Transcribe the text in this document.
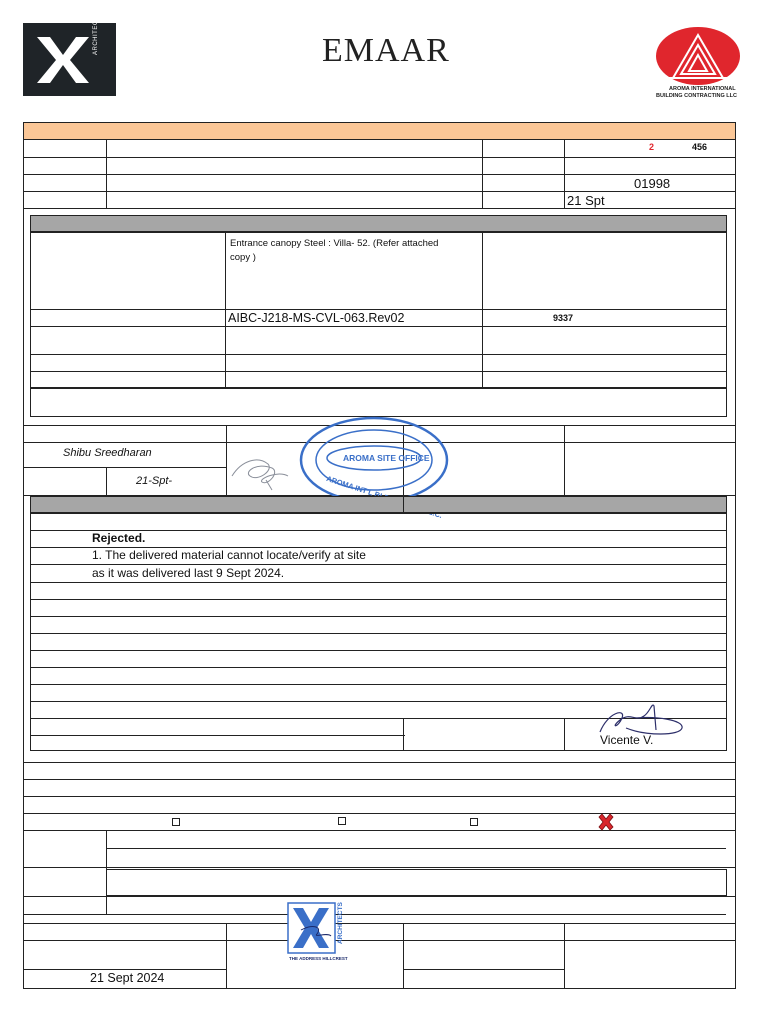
ARCHITECTS	EMAAR
AROMA INTERNATIONAL
BUILDING CONTRACTING LLC
2	456
01998
21 Spt
Entrance canopy Steel : Villa- 52. (Refer attached copy )
AIBC-J218-MS-CVL-063.Rev02	9337
Shibu Sreedharan
21-Spt-
AROMA SITE OFFICE
Rejected.
1. The delivered material cannot locate/verify at site
as it was delivered last 9 Sept 2024.
Vicente V.
ARCHITECTS
THE ADDRESS HILLCREST
21 Sept 2024
